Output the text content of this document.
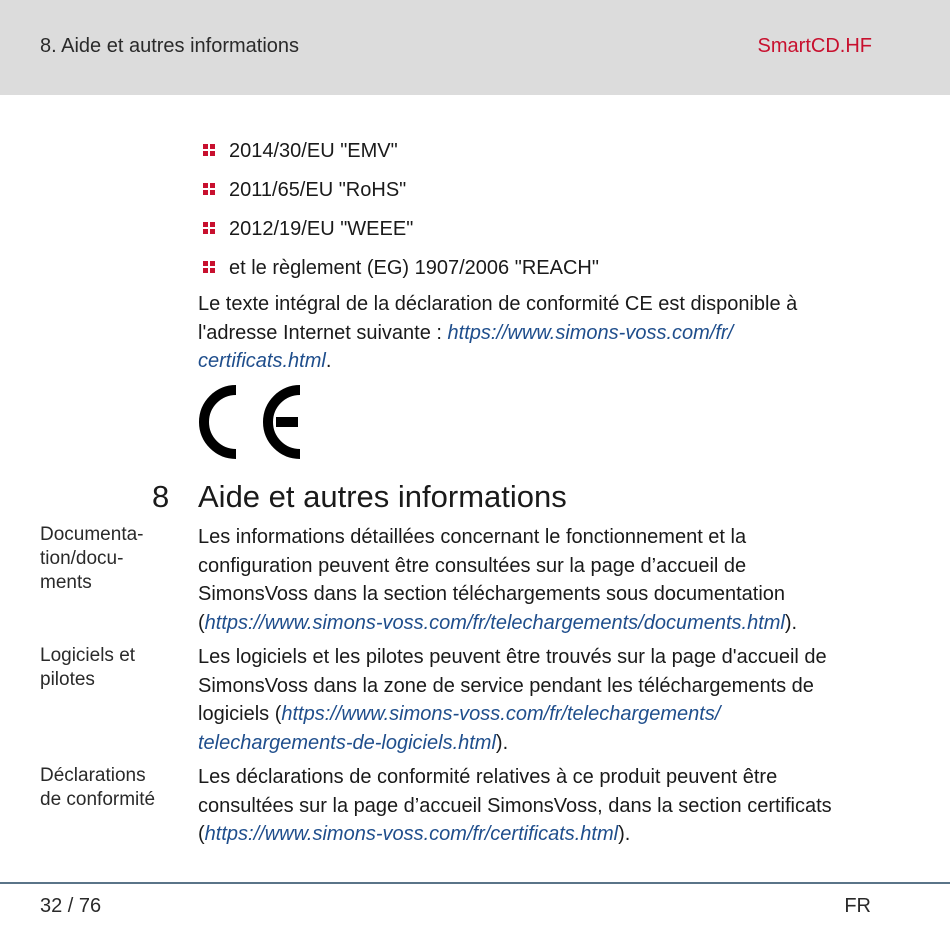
8. Aide et autres informations	SmartCD.HF
2014/30/EU "EMV"
2011/65/EU "RoHS"
2012/19/EU "WEEE"
et le règlement (EG) 1907/2006 "REACH"

Le texte intégral de la déclaration de conformité CE est disponible à
l'adresse Internet suivante : https://www.simons-voss.com/fr/
certificats.html.

8 Aide et autres informations
Documenta-
tion/docu-
ments

Les informations détaillées concernant le fonctionnement et la
configuration peuvent être consultées sur la page d’accueil de
SimonsVoss dans la section téléchargements sous documentation
(https://www.simons-voss.com/fr/telechargements/documents.html).

Logiciels et
pilotes

Les logiciels et les pilotes peuvent être trouvés sur la page d'accueil de
SimonsVoss dans la zone de service pendant les téléchargements de
logiciels (https://www.simons-voss.com/fr/telechargements/
telechargements-de-logiciels.html).

Déclarations
de conformité

Les déclarations de conformité relatives à ce produit peuvent être
consultées sur la page d’accueil SimonsVoss, dans la section certificats
(https://www.simons-voss.com/fr/certificats.html).

32 / 76	FR
